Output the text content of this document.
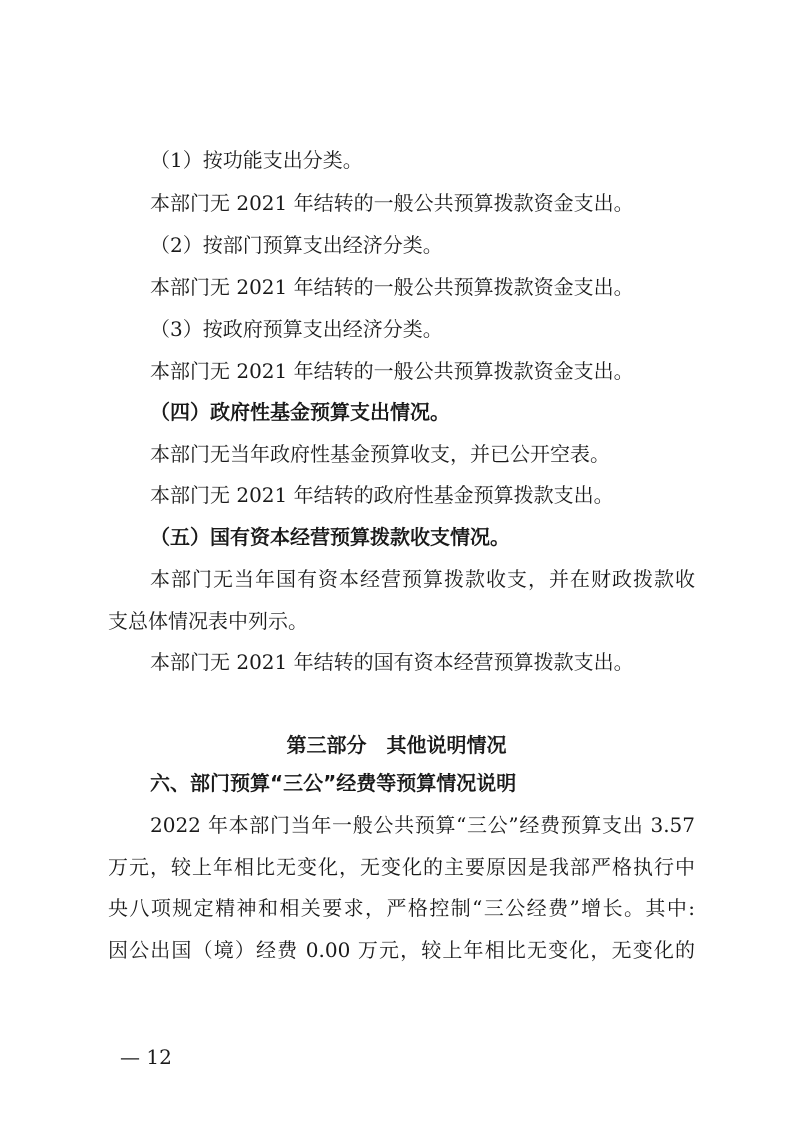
（1）按功能支出分类。
本部门无 2021 年结转的一般公共预算拨款资金支出。
（2）按部门预算支出经济分类。
本部门无 2021 年结转的一般公共预算拨款资金支出。
（3）按政府预算支出经济分类。
本部门无 2021 年结转的一般公共预算拨款资金支出。
（四）政府性基金预算支出情况。
本部门无当年政府性基金预算收支，并已公开空表。
本部门无 2021 年结转的政府性基金预算拨款支出。
（五）国有资本经营预算拨款收支情况。
本部门无当年国有资本经营预算拨款收支，并在财政拨款收
支总体情况表中列示。
本部门无 2021 年结转的国有资本经营预算拨款支出。
第三部分　其他说明情况
六、部门预算“三公”经费等预算情况说明
2022 年本部门当年一般公共预算“三公”经费预算支出 3.57
万元，较上年相比无变化，无变化的主要原因是我部严格执行中
央八项规定精神和相关要求，严格控制“三公经费”增长。其中:
因公出国（境）经费 0.00 万元，较上年相比无变化，无变化的
— 12
